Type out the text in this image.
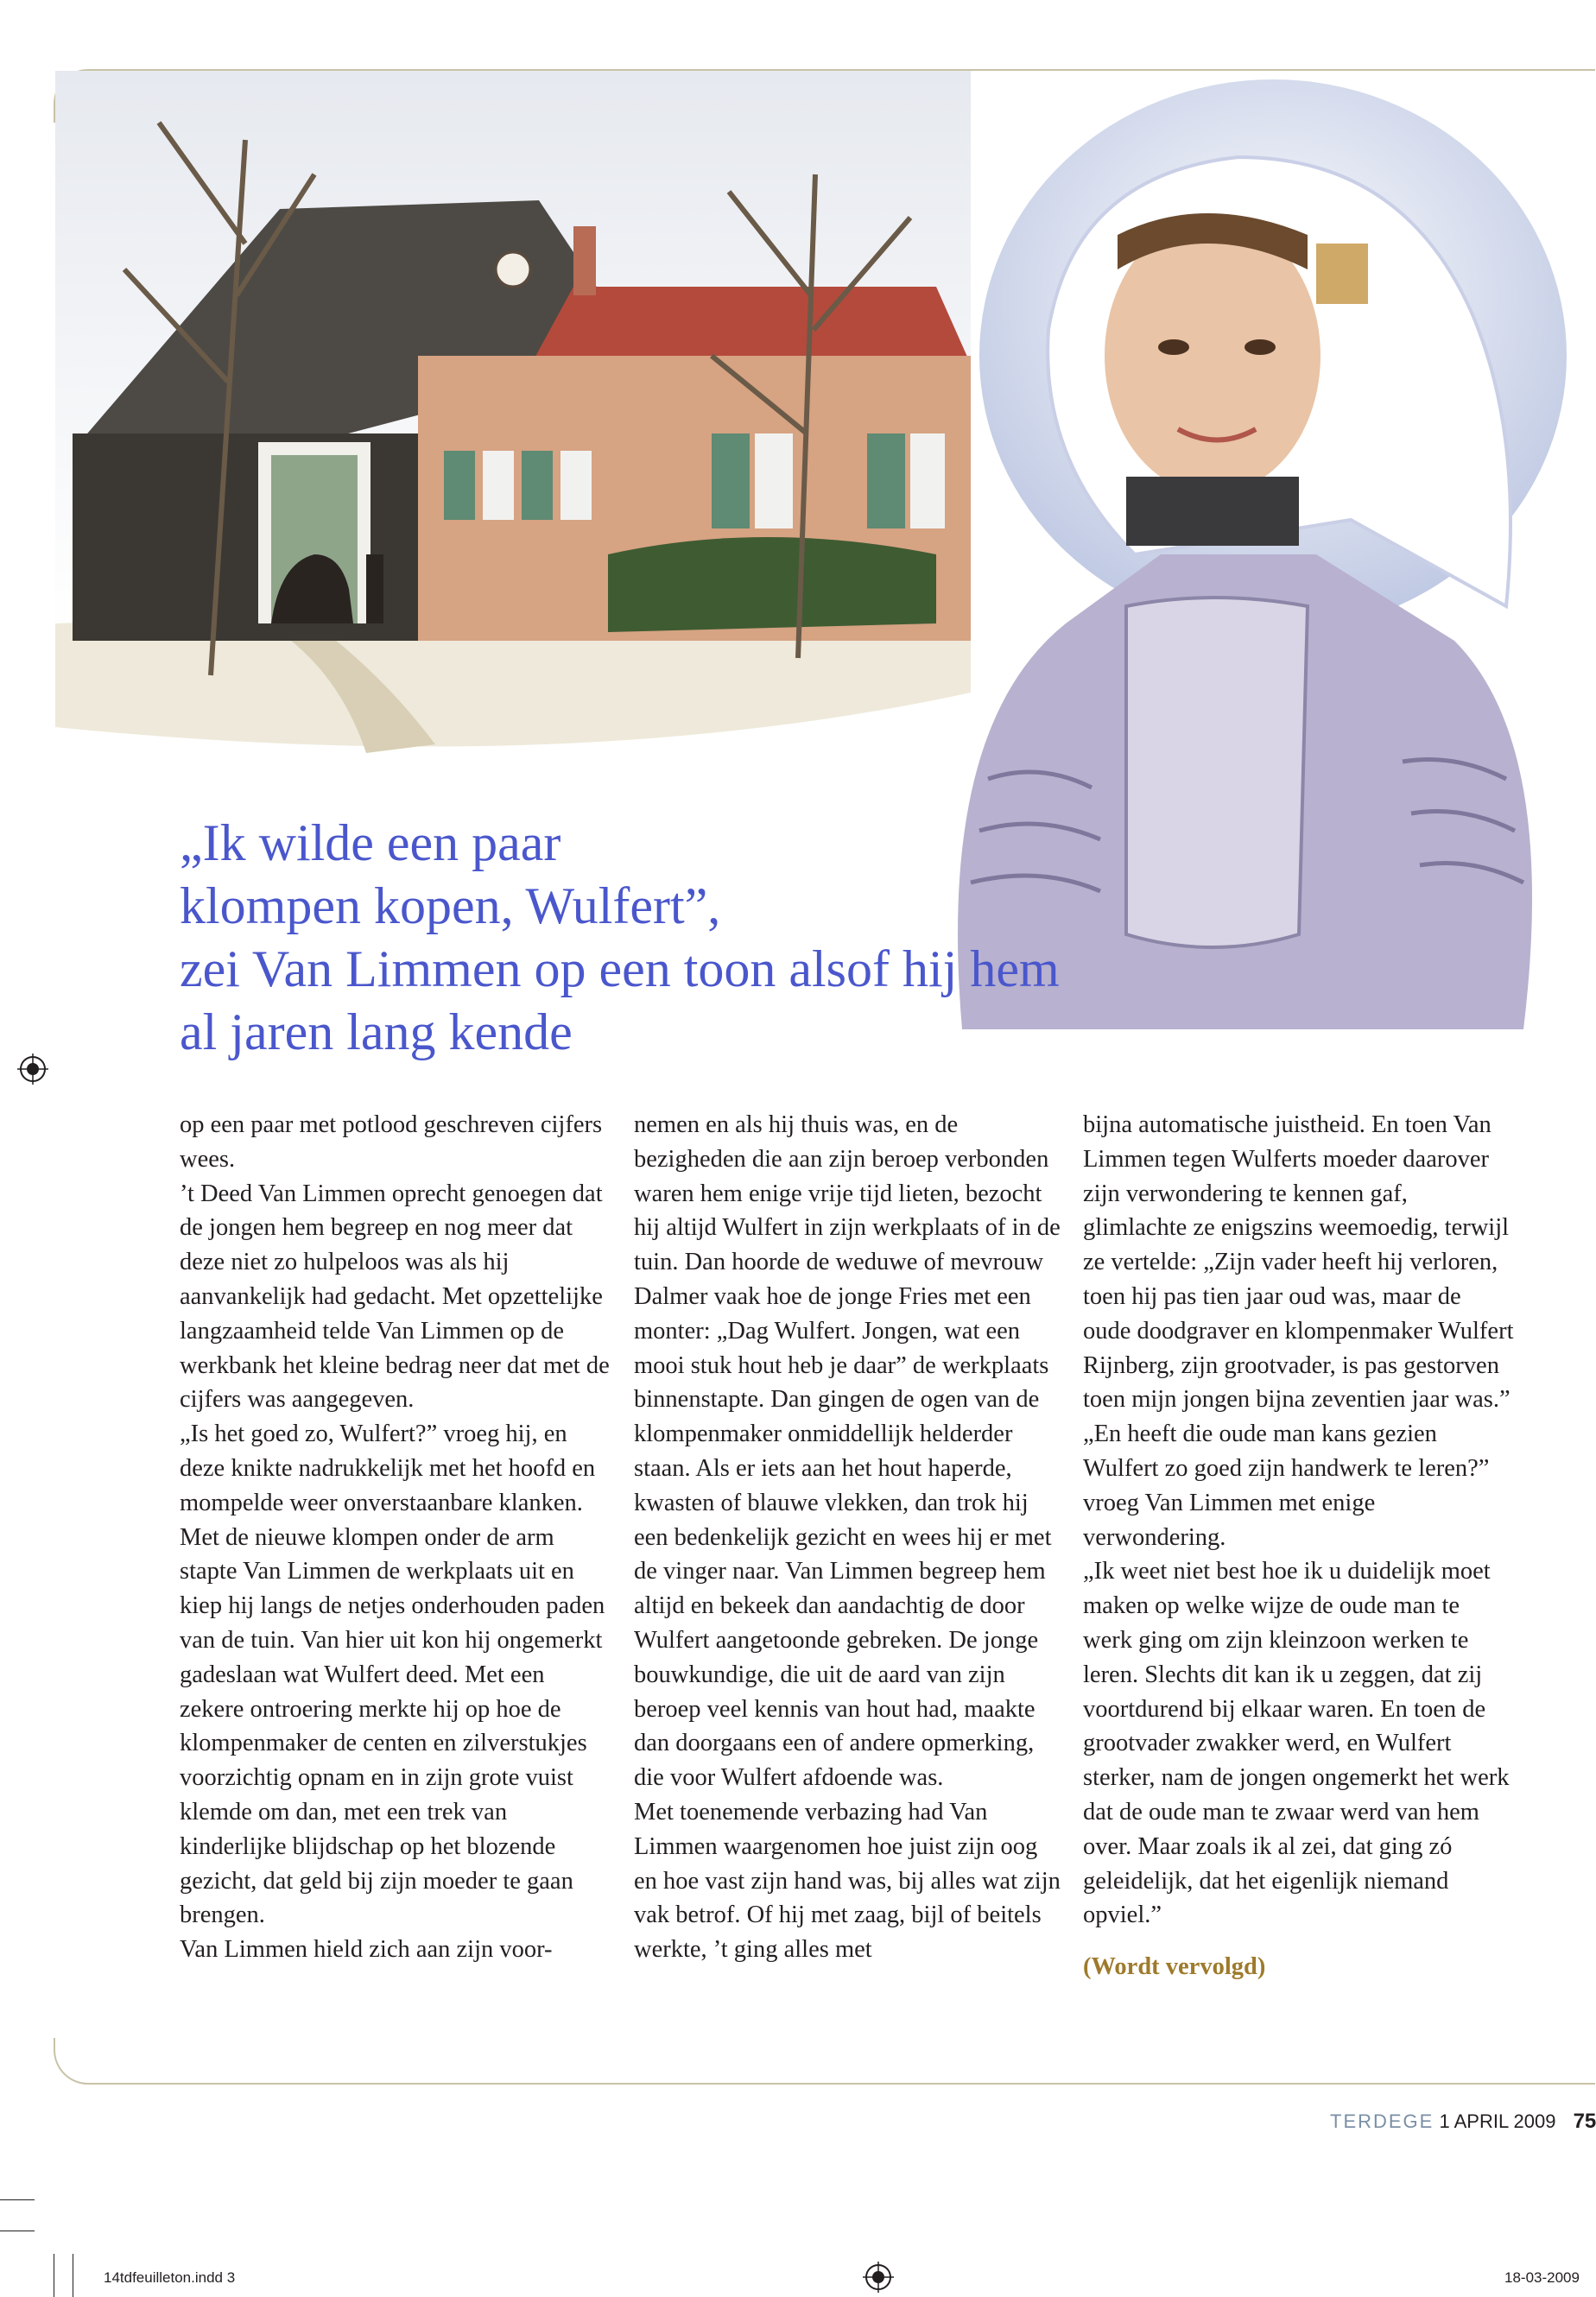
„Ik wilde een paar
klompen kopen, Wulfert”,
zei Van Limmen op een toon alsof hij hem
al jaren lang kende

op een paar met potlood geschreven cijfers wees.

’t Deed Van Limmen oprecht genoegen dat de jongen hem begreep en nog meer dat deze niet zo hulpeloos was als hij aanvankelijk had gedacht. Met opzettelijke langzaamheid telde Van Limmen op de werkbank het kleine bedrag neer dat met de cijfers was aangegeven.

„Is het goed zo, Wulfert?” vroeg hij, en deze knikte nadrukkelijk met het hoofd en mompelde weer onverstaanbare klanken. Met de nieuwe klompen onder de arm stapte Van Limmen de werkplaats uit en kiep hij langs de netjes onderhouden paden van de tuin. Van hier uit kon hij ongemerkt gadeslaan wat Wulfert deed. Met een zekere ontroering merkte hij op hoe de klompenmaker de centen en zilverstukjes voorzichtig opnam en in zijn grote vuist klemde om dan, met een trek van kinderlijke blijdschap op het blozende gezicht, dat geld bij zijn moeder te gaan brengen.

Van Limmen hield zich aan zijn voor-

nemen en als hij thuis was, en de bezigheden die aan zijn beroep verbonden waren hem enige vrije tijd lieten, bezocht hij altijd Wulfert in zijn werkplaats of in de tuin. Dan hoorde de weduwe of mevrouw Dalmer vaak hoe de jonge Fries met een monter: „Dag Wulfert. Jongen, wat een mooi stuk hout heb je daar” de werkplaats binnenstapte. Dan gingen de ogen van de klompenmaker onmiddellijk helderder staan. Als er iets aan het hout haperde, kwasten of blauwe vlekken, dan trok hij een bedenkelijk gezicht en wees hij er met de vinger naar. Van Limmen begreep hem altijd en bekeek dan aandachtig de door Wulfert aangetoonde gebreken. De jonge bouwkundige, die uit de aard van zijn beroep veel kennis van hout had, maakte dan doorgaans een of andere opmerking, die voor Wulfert afdoende was.

Met toenemende verbazing had Van Limmen waargenomen hoe juist zijn oog en hoe vast zijn hand was, bij alles wat zijn vak betrof. Of hij met zaag, bijl of beitels werkte, ’t ging alles met

bijna automatische juistheid. En toen Van Limmen tegen Wulferts moeder daarover zijn verwondering te kennen gaf, glimlachte ze enigszins weemoedig, terwijl ze vertelde: „Zijn vader heeft hij verloren, toen hij pas tien jaar oud was, maar de oude doodgraver en klompenmaker Wulfert Rijnberg, zijn grootvader, is pas gestorven toen mijn jongen bijna zeventien jaar was.”

„En heeft die oude man kans gezien Wulfert zo goed zijn handwerk te leren?” vroeg Van Limmen met enige verwondering.

„Ik weet niet best hoe ik u duidelijk moet maken op welke wijze de oude man te werk ging om zijn kleinzoon werken te leren. Slechts dit kan ik u zeggen, dat zij voortdurend bij elkaar waren. En toen de grootvader zwakker werd, en Wulfert sterker, nam de jongen ongemerkt het werk dat de oude man te zwaar werd van hem over. Maar zoals ik al zei, dat ging zó geleidelijk, dat het eigenlijk niemand opviel.”

(Wordt vervolgd)

TERDEGE 1 APRIL 2009 75
14tdfeuilleton.indd 3	18-03-2009
